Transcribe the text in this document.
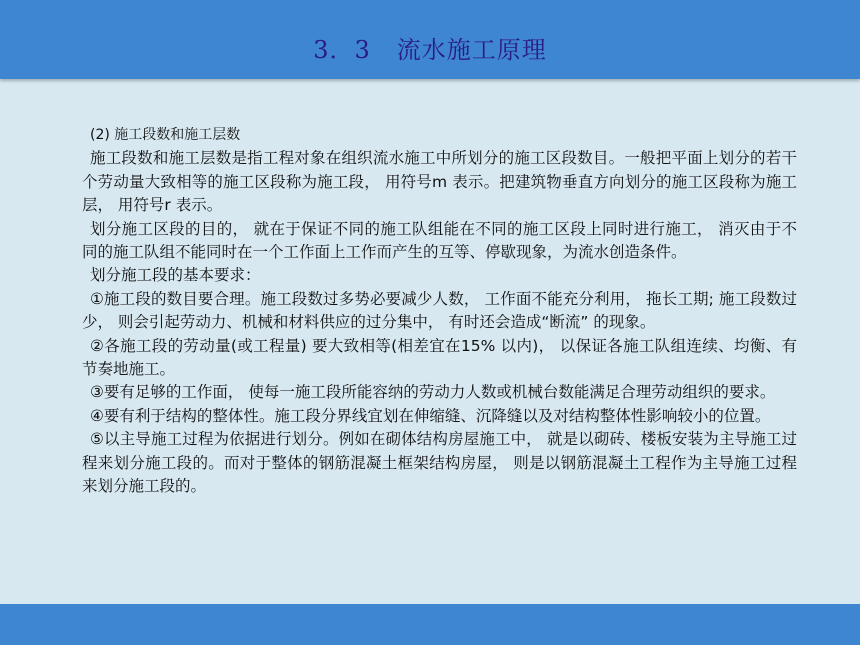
3．3   流水施工原理

(2) 施工段数和施工层数

施工段数和施工层数是指工程对象在组织流水施工中所划分的施工区段数目。一般把平面上划分的若干个劳动量大致相等的施工区段称为施工段， 用符号m 表示。把建筑物垂直方向划分的施工区段称为施工层， 用符号r 表示。

划分施工区段的目的， 就在于保证不同的施工队组能在不同的施工区段上同时进行施工， 消灭由于不同的施工队组不能同时在一个工作面上工作而产生的互等、停歇现象，为流水创造条件。

划分施工段的基本要求：

①施工段的数目要合理。施工段数过多势必要减少人数， 工作面不能充分利用， 拖长工期; 施工段数过少， 则会引起劳动力、机械和材料供应的过分集中， 有时还会造成“断流” 的现象。

②各施工段的劳动量(或工程量) 要大致相等(相差宜在15% 以内)， 以保证各施工队组连续、均衡、有节奏地施工。

③要有足够的工作面， 使每一施工段所能容纳的劳动力人数或机械台数能满足合理劳动组织的要求。

④要有利于结构的整体性。施工段分界线宜划在伸缩缝、沉降缝以及对结构整体性影响较小的位置。

⑤以主导施工过程为依据进行划分。例如在砌体结构房屋施工中， 就是以砌砖、楼板安装为主导施工过程来划分施工段的。而对于整体的钢筋混凝土框架结构房屋， 则是以钢筋混凝土工程作为主导施工过程来划分施工段的。
